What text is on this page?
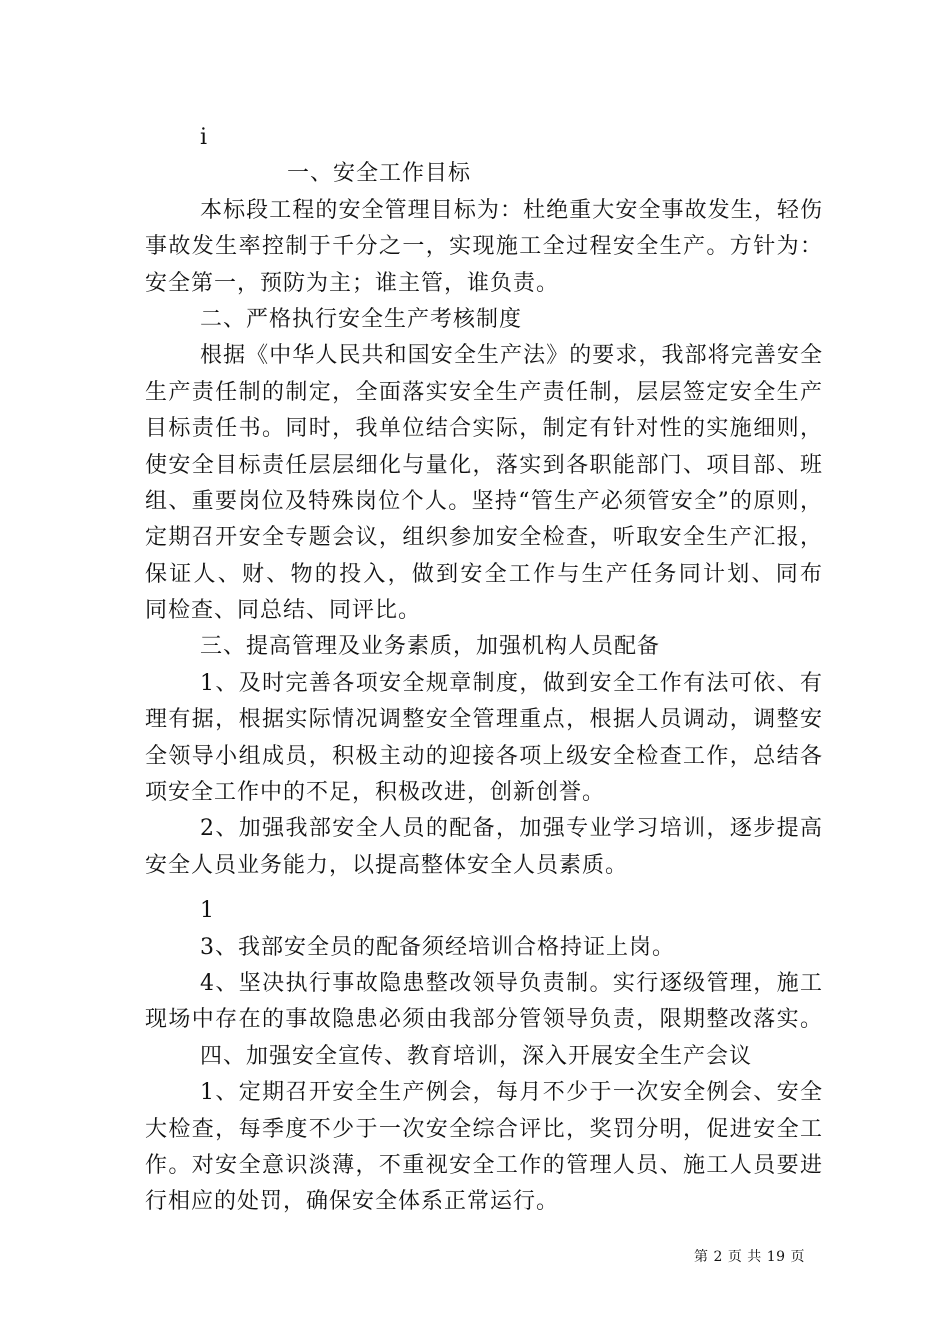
i
一、安全工作目标
本标段工程的安全管理目标为：杜绝重大安全事故发生，轻伤
事故发生率控制于千分之一，实现施工全过程安全生产。方针为：
安全第一，预防为主；谁主管，谁负责。
二、严格执行安全生产考核制度
根据《中华人民共和国安全生产法》的要求，我部将完善安全
生产责任制的制定，全面落实安全生产责任制，层层签定安全生产
目标责任书。同时，我单位结合实际，制定有针对性的实施细则，
使安全目标责任层层细化与量化，落实到各职能部门、项目部、班
组、重要岗位及特殊岗位个人。坚持“管生产必须管安全”的原则，
定期召开安全专题会议，组织参加安全检查，听取安全生产汇报，
保证人、财、物的投入，做到安全工作与生产任务同计划、同布
同检查、同总结、同评比。
三、提高管理及业务素质，加强机构人员配备
1、及时完善各项安全规章制度，做到安全工作有法可依、有
理有据，根据实际情况调整安全管理重点，根据人员调动，调整安
全领导小组成员，积极主动的迎接各项上级安全检查工作，总结各
项安全工作中的不足，积极改进，创新创誉。
2、加强我部安全人员的配备，加强专业学习培训，逐步提高
安全人员业务能力，以提高整体安全人员素质。
1
3、我部安全员的配备须经培训合格持证上岗。
4、坚决执行事故隐患整改领导负责制。实行逐级管理，施工
现场中存在的事故隐患必须由我部分管领导负责，限期整改落实。
四、加强安全宣传、教育培训，深入开展安全生产会议
1、定期召开安全生产例会，每月不少于一次安全例会、安全
大检查，每季度不少于一次安全综合评比，奖罚分明，促进安全工
作。对安全意识淡薄，不重视安全工作的管理人员、施工人员要进
行相应的处罚，确保安全体系正常运行。
第 2 页 共 19 页
